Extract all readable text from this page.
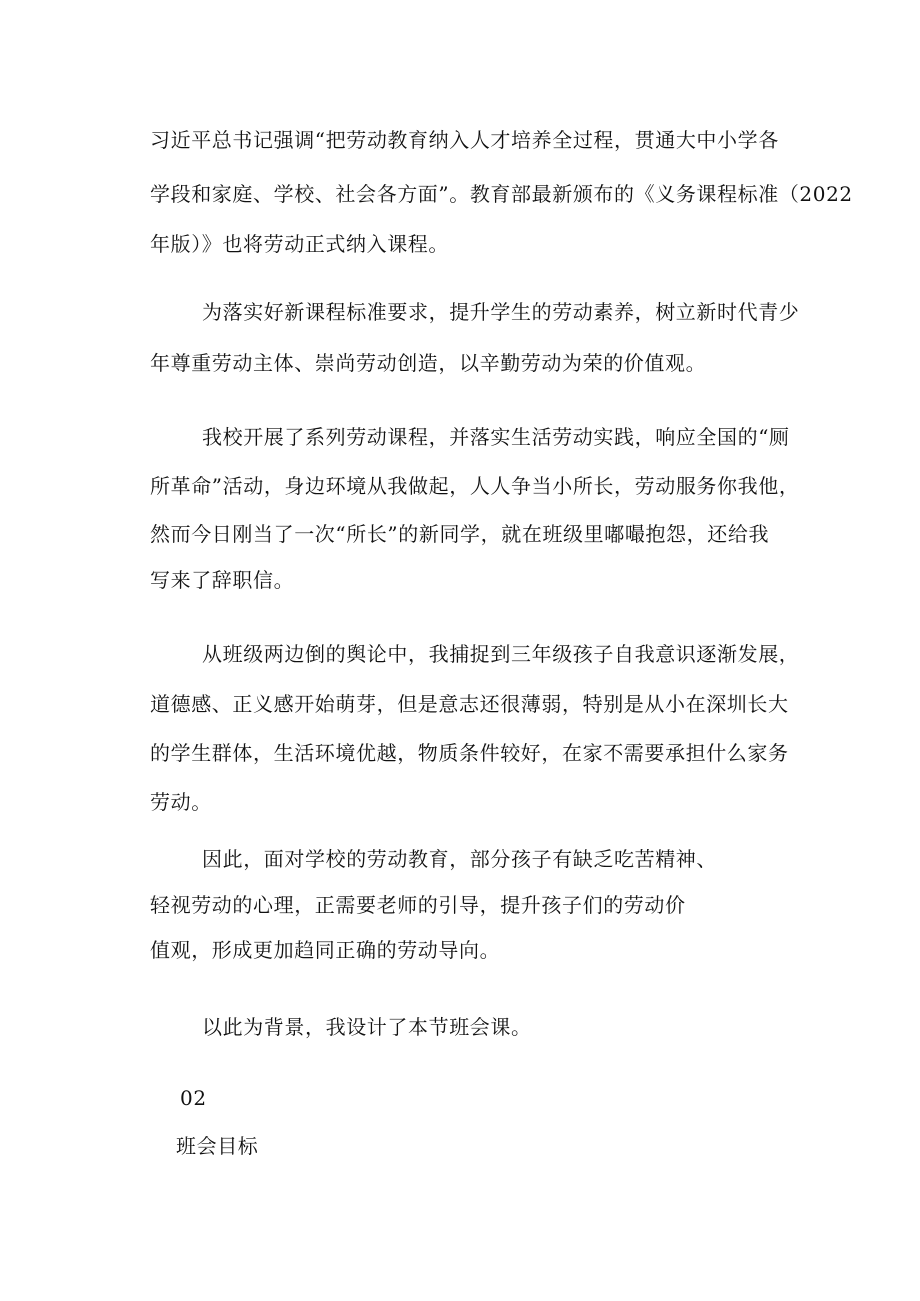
习近平总书记强调“把劳动教育纳入人才培养全过程，贯通大中小学各
学段和家庭、学校、社会各方面”。教育部最新颁布的《义务课程标准（2022
年版）》也将劳动正式纳入课程。
为落实好新课程标准要求，提升学生的劳动素养，树立新时代青少
年尊重劳动主体、崇尚劳动创造，以辛勤劳动为荣的价值观。
我校开展了系列劳动课程，并落实生活劳动实践，响应全国的“厕
所革命”活动，身边环境从我做起，人人争当小所长，劳动服务你我他，
然而今日刚当了一次“所长”的新同学，就在班级里嘟嘬抱怨，还给我
写来了辞职信。
从班级两边倒的舆论中，我捕捉到三年级孩子自我意识逐渐发展，
道德感、正义感开始萌芽，但是意志还很薄弱，特别是从小在深圳长大
的学生群体，生活环境优越，物质条件较好，在家不需要承担什么家务
劳动。
因此，面对学校的劳动教育，部分孩子有缺乏吃苦精神、
轻视劳动的心理，正需要老师的引导，提升孩子们的劳动价
值观，形成更加趋同正确的劳动导向。
以此为背景，我设计了本节班会课。
02
班会目标
